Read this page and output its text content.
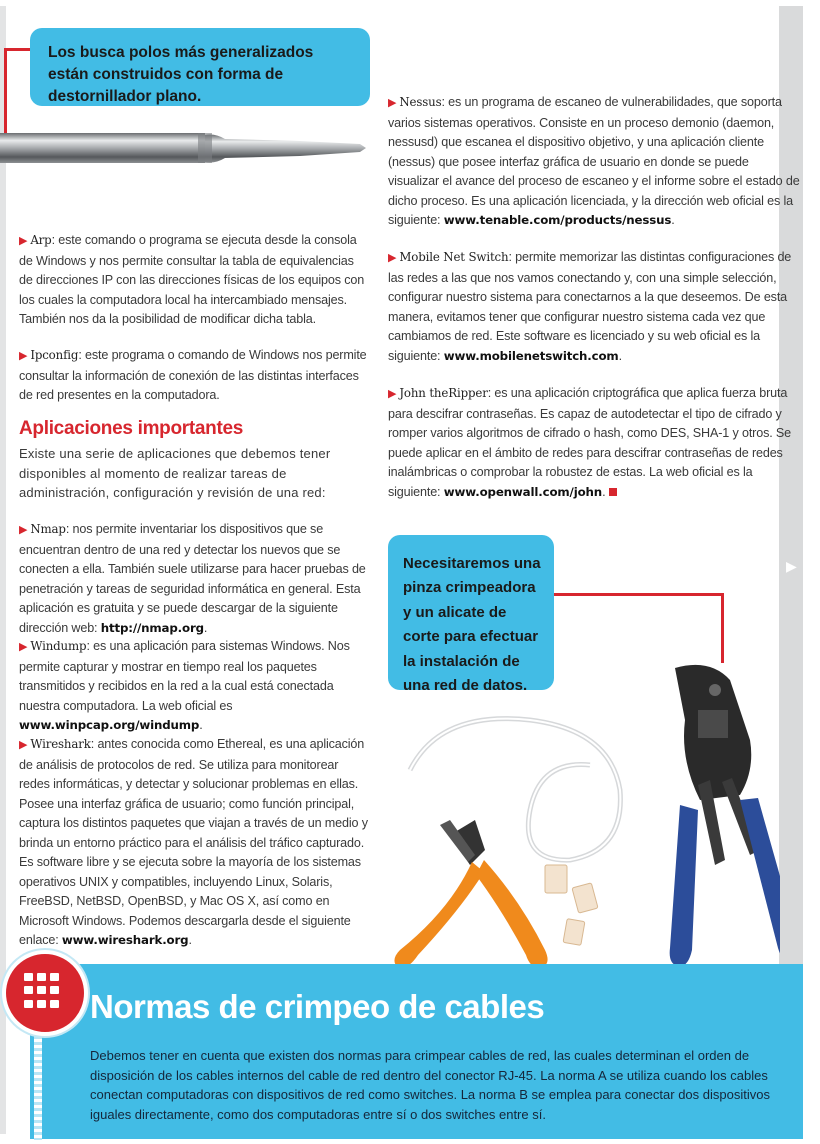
◀	▶
Los busca polos más generalizados están construidos con forma de destornillador plano.
▶ Arp: este comando o programa se ejecuta desde la consola de Windows y nos permite consultar la tabla de equivalencias de direcciones IP con las direcciones físicas de los equipos con los cuales la computadora local ha intercambiado mensajes. También nos da la posibilidad de modificar dicha tabla.
▶ Ipconfig: este programa o comando de Windows nos permite consultar la información de conexión de las distintas interfaces de red presentes en la computadora.
Aplicaciones importantes
Existe una serie de aplicaciones que debemos tener disponibles al momento de realizar tareas de administración, configuración y revisión de una red:
▶ Nmap: nos permite inventariar los dispositivos que se encuentran dentro de una red y detectar los nuevos que se conecten a ella. También suele utilizarse para hacer pruebas de penetración y tareas de seguridad informática en general. Esta aplicación es gratuita y se puede descargar de la siguiente dirección web: http://nmap.org.
▶ Windump: es una aplicación para sistemas Windows. Nos permite capturar y mostrar en tiempo real los paquetes transmitidos y recibidos en la red a la cual está conectada nuestra computadora. La web oficial es www.winpcap.org/windump.
▶ Wireshark: antes conocida como Ethereal, es una aplicación de análisis de protocolos de red. Se utiliza para monitorear redes informáticas, y detectar y solucionar problemas en ellas. Posee una interfaz gráfica de usuario; como función principal, captura los distintos paquetes que viajan a través de un medio y brinda un entorno práctico para el análisis del tráfico capturado. Es software libre y se ejecuta sobre la mayoría de los sistemas operativos UNIX y compatibles, incluyendo Linux, Solaris, FreeBSD, NetBSD, OpenBSD, y Mac OS X, así como en Microsoft Windows. Podemos descargarla desde el siguiente enlace: www.wireshark.org.
▶ Nessus: es un programa de escaneo de vulnerabilidades, que soporta varios sistemas operativos. Consiste en un proceso demonio (daemon, nessusd) que escanea el dispositivo objetivo, y una aplicación cliente (nessus) que posee interfaz gráfica de usuario en donde se puede visualizar el avance del proceso de escaneo y el informe sobre el estado de dicho proceso. Es una aplicación licenciada, y la dirección web oficial es la siguiente: www.tenable.com/products/nessus.
▶ Mobile Net Switch: permite memorizar las distintas configuraciones de las redes a las que nos vamos conectando y, con una simple selección, configurar nuestro sistema para conectarnos a la que deseemos. De esta manera, evitamos tener que configurar nuestro sistema cada vez que cambiamos de red. Este software es licenciado y su web oficial es la siguiente: www.mobilenetswitch.com.
▶ John theRipper: es una aplicación criptográfica que aplica fuerza bruta para descifrar contraseñas. Es capaz de autodetectar el tipo de cifrado y romper varios algoritmos de cifrado o hash, como DES, SHA-1 y otros. Se puede aplicar en el ámbito de redes para descifrar contraseñas de redes inalámbricas o comprobar la robustez de estas. La web oficial es la siguiente: www.openwall.com/john.
Necesitaremos una pinza crimpeadora y un alicate de corte para efectuar la instalación de una red de datos.
Normas de crimpeo de cables
Debemos tener en cuenta que existen dos normas para crimpear cables de red, las cuales determinan el orden de disposición de los cables internos del cable de red dentro del conector RJ-45. La norma A se utiliza cuando los cables conectan computadoras con dispositivos de red como switches. La norma B se emplea para conectar dos dispositivos iguales directamente, como dos computadoras entre sí o dos switches entre sí.
